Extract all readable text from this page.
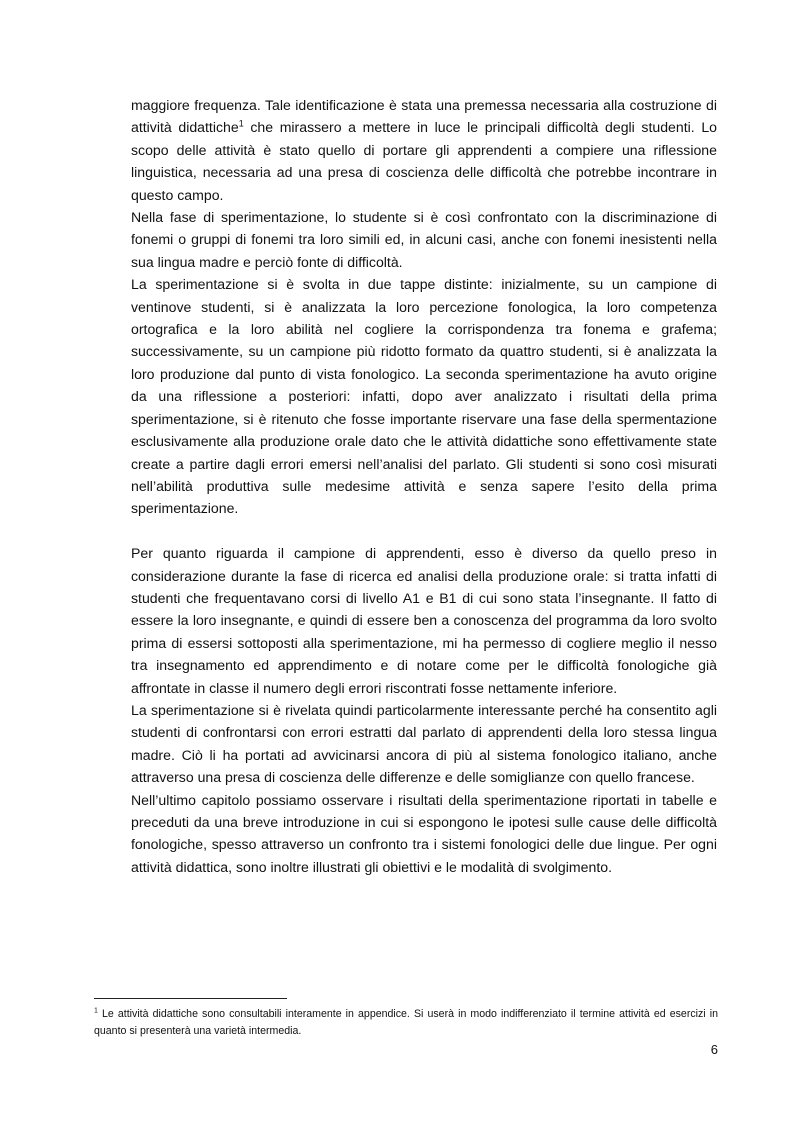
maggiore frequenza. Tale identificazione è stata una premessa necessaria alla costruzione di attività didattiche$^1$ che mirassero a mettere in luce le principali difficoltà degli studenti. Lo scopo delle attività è stato quello di portare gli apprendenti a compiere una riflessione linguistica, necessaria ad una presa di coscienza delle difficoltà che potrebbe incontrare in questo campo.

Nella fase di sperimentazione, lo studente si è così confrontato con la discriminazione di fonemi o gruppi di fonemi tra loro simili ed, in alcuni casi, anche con fonemi inesistenti nella sua lingua madre e perciò fonte di difficoltà.

La sperimentazione si è svolta in due tappe distinte: inizialmente, su un campione di ventinove studenti, si è analizzata la loro percezione fonologica, la loro competenza ortografica e la loro abilità nel cogliere la corrispondenza tra fonema e grafema; successivamente, su un campione più ridotto formato da quattro studenti, si è analizzata la loro produzione dal punto di vista fonologico. La seconda sperimentazione ha avuto origine da una riflessione a posteriori: infatti, dopo aver analizzato i risultati della prima sperimentazione, si è ritenuto che fosse importante riservare una fase della spermentazione esclusivamente alla produzione orale dato che le attività didattiche sono effettivamente state create a partire dagli errori emersi nell’analisi del parlato. Gli studenti si sono così misurati nell’abilità produttiva sulle medesime attività e senza sapere l’esito della prima sperimentazione.

Per quanto riguarda il campione di apprendenti, esso è diverso da quello preso in considerazione durante la fase di ricerca ed analisi della produzione orale: si tratta infatti di studenti che frequentavano corsi di livello A1 e B1 di cui sono stata l’insegnante. Il fatto di essere la loro insegnante, e quindi di essere ben a conoscenza del programma da loro svolto prima di essersi sottoposti alla sperimentazione, mi ha permesso di cogliere meglio il nesso tra insegnamento ed apprendimento e di notare come per le difficoltà fonologiche già affrontate in classe il numero degli errori riscontrati fosse nettamente inferiore.

La sperimentazione si è rivelata quindi particolarmente interessante perché ha consentito agli studenti di confrontarsi con errori estratti dal parlato di apprendenti della loro stessa lingua madre. Ciò li ha portati ad avvicinarsi ancora di più al sistema fonologico italiano, anche attraverso una presa di coscienza delle differenze e delle somiglianze con quello francese.

Nell’ultimo capitolo possiamo osservare i risultati della sperimentazione riportati in tabelle e preceduti da una breve introduzione in cui si espongono le ipotesi sulle cause delle difficoltà fonologiche, spesso attraverso un confronto tra i sistemi fonologici delle due lingue. Per ogni attività didattica, sono inoltre illustrati gli obiettivi e le modalità di svolgimento.

$^1$ Le attività didattiche sono consultabili interamente in appendice. Si userà in modo indifferenziato il termine attività ed esercizi in quanto si presenterà una varietà intermedia.
6
